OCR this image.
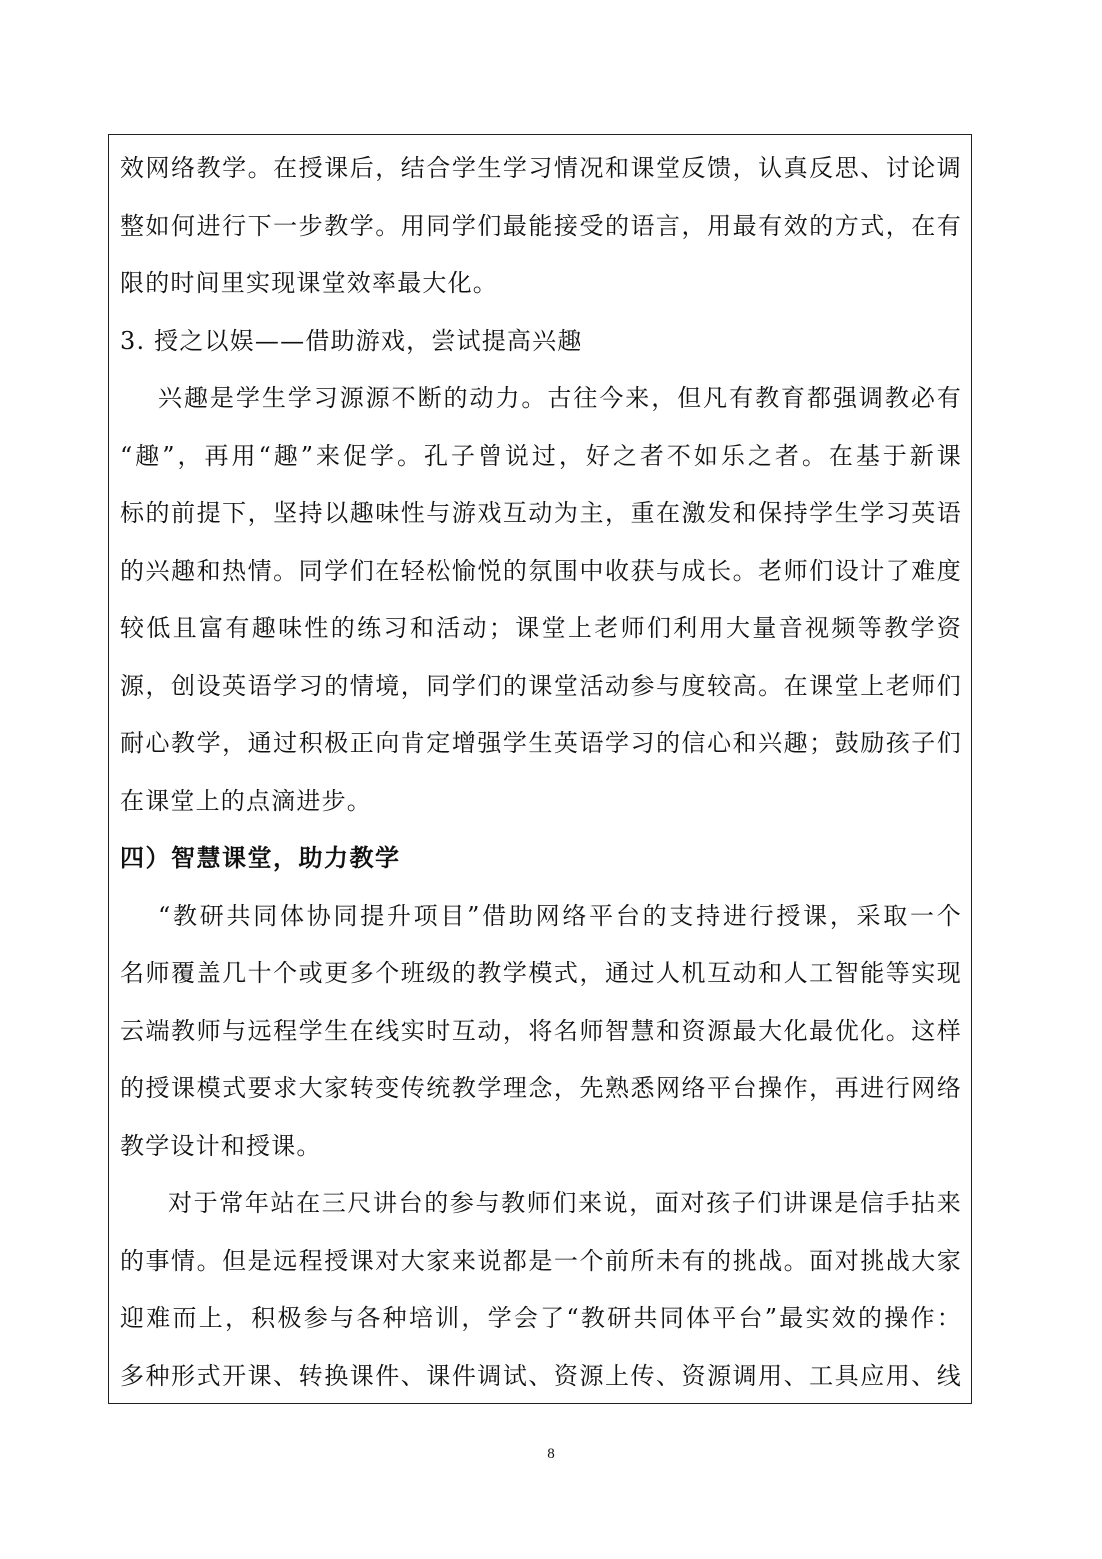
效网络教学。在授课后，结合学生学习情况和课堂反馈，认真反思、讨论调
整如何进行下一步教学。用同学们最能接受的语言，用最有效的方式，在有
限的时间里实现课堂效率最大化。
3. 授之以娱——借助游戏，尝试提高兴趣
兴趣是学生学习源源不断的动力。古往今来，但凡有教育都强调教必有
“趣”，再用“趣”来促学。孔子曾说过，好之者不如乐之者。在基于新课
标的前提下，坚持以趣味性与游戏互动为主，重在激发和保持学生学习英语
的兴趣和热情。同学们在轻松愉悦的氛围中收获与成长。老师们设计了难度
较低且富有趣味性的练习和活动；课堂上老师们利用大量音视频等教学资
源，创设英语学习的情境，同学们的课堂活动参与度较高。在课堂上老师们
耐心教学，通过积极正向肯定增强学生英语学习的信心和兴趣；鼓励孩子们
在课堂上的点滴进步。
四）智慧课堂，助力教学
“教研共同体协同提升项目”借助网络平台的支持进行授课，采取一个
名师覆盖几十个或更多个班级的教学模式，通过人机互动和人工智能等实现
云端教师与远程学生在线实时互动，将名师智慧和资源最大化最优化。这样
的授课模式要求大家转变传统教学理念，先熟悉网络平台操作，再进行网络
教学设计和授课。
对于常年站在三尺讲台的参与教师们来说，面对孩子们讲课是信手拈来
的事情。但是远程授课对大家来说都是一个前所未有的挑战。面对挑战大家
迎难而上，积极参与各种培训，学会了“教研共同体平台”最实效的操作：
多种形式开课、转换课件、课件调试、资源上传、资源调用、工具应用、线
8
